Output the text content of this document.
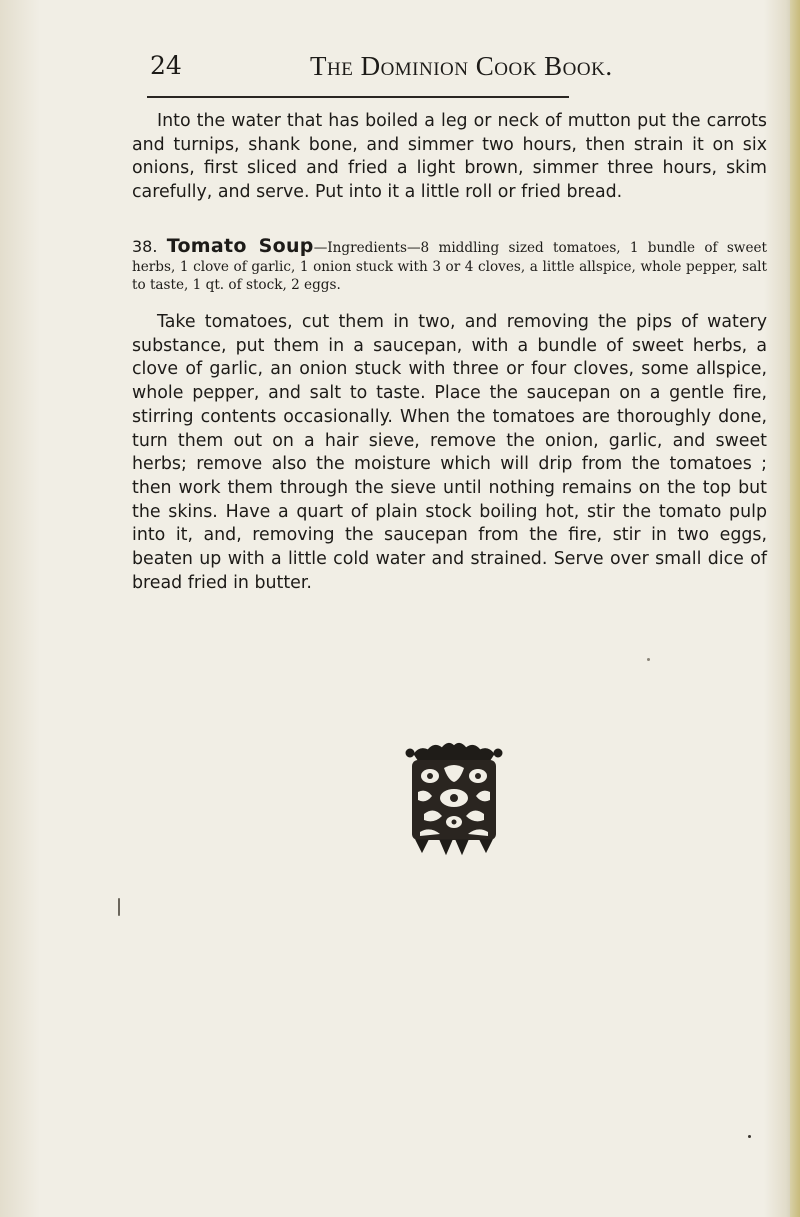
24	The Dominion Cook Book.

Into the water that has boiled a leg or neck of mutton put the carrots and turnips, shank bone, and simmer two hours, then strain it on six onions, first sliced and fried a light brown, simmer three hours, skim carefully, and serve. Put into it a little roll or fried bread.

38. Tomato Soup—Ingredients—8 middling sized tomatoes, 1 bundle of sweet herbs, 1 clove of garlic, 1 onion stuck with 3 or 4 cloves, a little allspice, whole pepper, salt to taste, 1 qt. of stock, 2 eggs.

Take tomatoes, cut them in two, and removing the pips of watery substance, put them in a saucepan, with a bundle of sweet herbs, a clove of garlic, an onion stuck with three or four cloves, some allspice, whole pepper, and salt to taste. Place the saucepan on a gentle fire, stirring contents occasionally. When the tomatoes are thoroughly done, turn them out on a hair sieve, remove the onion, garlic, and sweet herbs; remove also the moisture which will drip from the tomatoes ; then work them through the sieve until nothing remains on the top but the skins. Have a quart of plain stock boiling hot, stir the tomato pulp into it, and, removing the saucepan from the fire, stir in two eggs, beaten up with a little cold water and strained. Serve over small dice of bread fried in butter.
